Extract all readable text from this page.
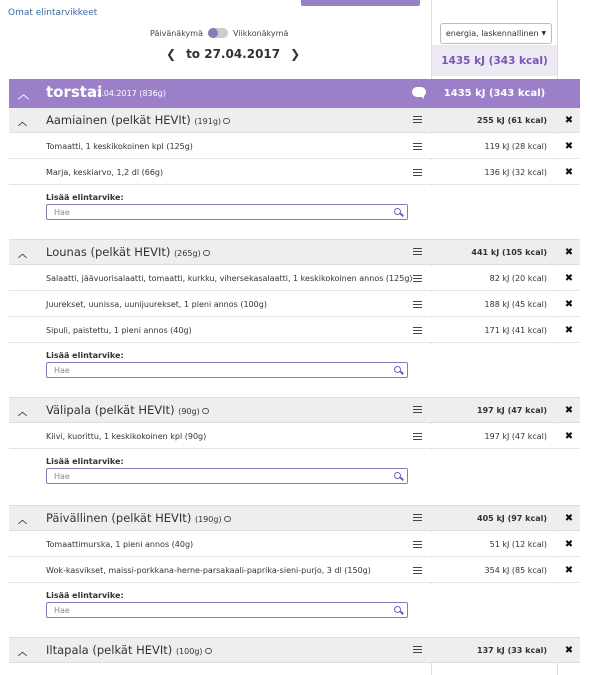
Omat elintarvikkeet
Päivänäkymä	Viikkonäkymä
❮ to 27.04.2017 ❯
energia, laskennallinen ▼
1435 kJ (343 kcal)
︿ torstai
27.04.2017 (836g)	1435 kJ (343 kcal)
︿ Aamiainen (pelkät HEVIt) (191g)	255 kJ (61 kcal)	✖
Tomaatti, 1 keskikokoinen kpl (125g)	119 kJ (28 kcal)	✖
Marja, keskiarvo, 1,2 dl (66g)	136 kJ (32 kcal)	✖
Lisää elintarvike:
Hae
︿ Lounas (pelkät HEVIt) (265g)	441 kJ (105 kcal)	✖
Salaatti, jäävuorisalaatti, tomaatti, kurkku, vihersekasalaatti, 1 keskikokoinen annos (125g)	82 kJ (20 kcal)	✖
Juurekset, uunissa, uunijuurekset, 1 pieni annos (100g)	188 kJ (45 kcal)	✖
Sipuli, paistettu, 1 pieni annos (40g)	171 kJ (41 kcal)	✖
Lisää elintarvike:
Hae
︿ Välipala (pelkät HEVIt) (90g)	197 kJ (47 kcal)	✖
Kiivi, kuorittu, 1 keskikokoinen kpl (90g)	197 kJ (47 kcal)	✖
Lisää elintarvike:
Hae
︿ Päivällinen (pelkät HEVIt) (190g)	405 kJ (97 kcal)	✖
Tomaattimurska, 1 pieni annos (40g)	51 kJ (12 kcal)	✖
Wok-kasvikset, maissi-porkkana-herne-parsakaali-paprika-sieni-purjo, 3 dl (150g)	354 kJ (85 kcal)	✖
Lisää elintarvike:
Hae
︿ Iltapala (pelkät HEVIt) (100g)	137 kJ (33 kcal)	✖
